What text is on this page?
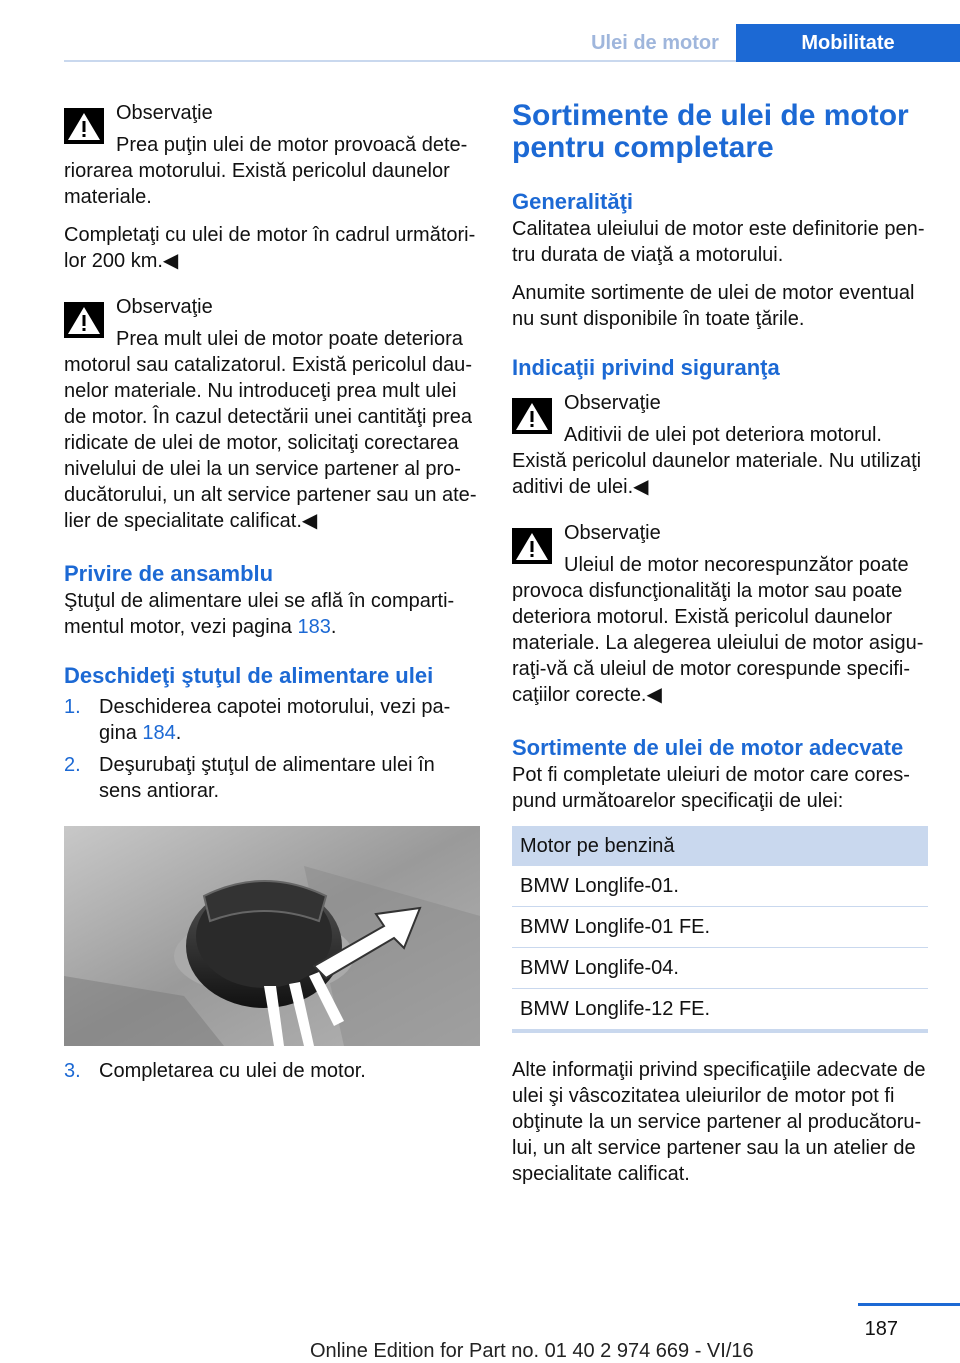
Ulei de motor	Mobilitate
Observaţie

Prea puţin ulei de motor provoacă deteriorarea motorului. Există pericolul daunelor materiale.

Completaţi cu ulei de motor în cadrul următorilor 200 km.◀

Observaţie

Prea mult ulei de motor poate deteriora motorul sau catalizatorul. Există pericolul daunelor materiale. Nu introduceţi prea mult ulei de motor. În cazul detectării unei cantităţi prea ridicate de ulei de motor, solicitaţi corectarea nivelului de ulei la un service partener al producătorului, un alt service partener sau un atelier de specialitate calificat.◀

Privire de ansamblu

Ştuţul de alimentare ulei se află în compartimentul motor, vezi pagina 183.

Deschideţi ştuţul de alimentare ulei
1. Deschiderea capotei motorului, vezi pagina 184.
2. Deşurubaţi ştuţul de alimentare ulei în sens antiorar.
3. Completarea cu ulei de motor.
Sortimente de ulei de motor pentru completare
Generalităţi

Calitatea uleiului de motor este definitorie pentru durata de viaţă a motorului.

Anumite sortimente de ulei de motor eventual nu sunt disponibile în toate ţările.

Indicaţii privind siguranţa
Observaţie

Aditivii de ulei pot deteriora motorul. Există pericolul daunelor materiale. Nu utilizaţi aditivi de ulei.◀

Observaţie

Uleiul de motor necorespunzător poate provoca disfuncţionalităţi la motor sau poate deteriora motorul. Există pericolul daunelor materiale. La alegerea uleiului de motor asiguraţi-vă că uleiul de motor corespunde specificaţiilor corecte.◀

Sortimente de ulei de motor adecvate

Pot fi completate uleiuri de motor care corespund următoarelor specificaţii de ulei:

Motor pe benzină
BMW Longlife-01.
BMW Longlife-01 FE.
BMW Longlife-04.
BMW Longlife-12 FE.

Alte informaţii privind specificaţiile adecvate de ulei şi vâscozitatea uleiurilor de motor pot fi obţinute la un service partener al producătorului, un alt service partener sau la un atelier de specialitate calificat.

187
Online Edition for Part no. 01 40 2 974 669 - VI/16
